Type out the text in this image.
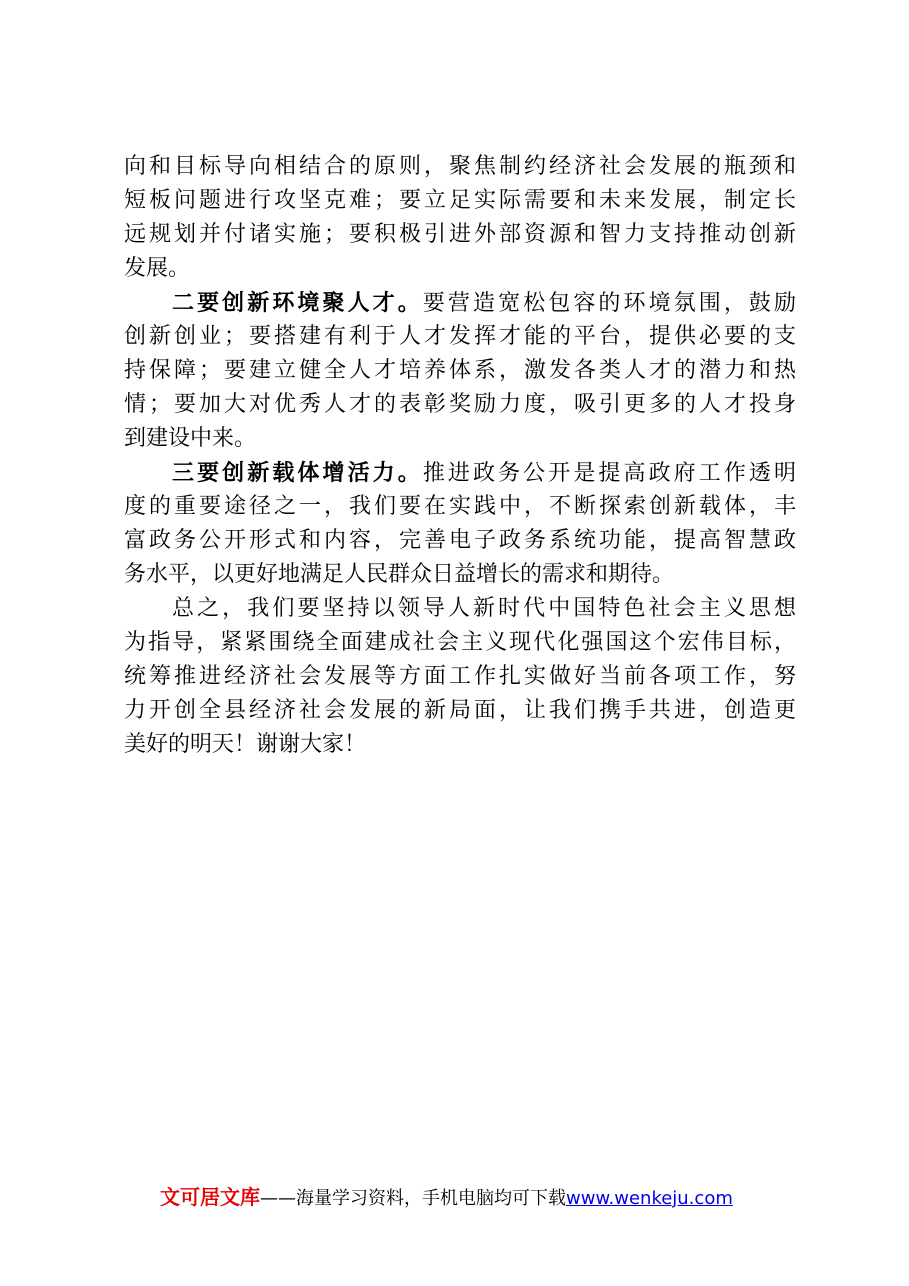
向和目标导向相结合的原则，聚焦制约经济社会发展的瓶颈和
短板问题进行攻坚克难；要立足实际需要和未来发展，制定长
远规划并付诸实施；要积极引进外部资源和智力支持推动创新
发展。
二要创新环境聚人才。要营造宽松包容的环境氛围，鼓励
创新创业；要搭建有利于人才发挥才能的平台，提供必要的支
持保障；要建立健全人才培养体系，激发各类人才的潜力和热
情；要加大对优秀人才的表彰奖励力度，吸引更多的人才投身
到建设中来。
三要创新载体增活力。推进政务公开是提高政府工作透明
度的重要途径之一，我们要在实践中，不断探索创新载体，丰
富政务公开形式和内容，完善电子政务系统功能，提高智慧政
务水平，以更好地满足人民群众日益增长的需求和期待。
总之，我们要坚持以领导人新时代中国特色社会主义思想
为指导，紧紧围绕全面建成社会主义现代化强国这个宏伟目标，
统筹推进经济社会发展等方面工作扎实做好当前各项工作，努
力开创全县经济社会发展的新局面，让我们携手共进，创造更
美好的明天！谢谢大家！
文可居文库——海量学习资料，手机电脑均可下载www.wenkeju.com
